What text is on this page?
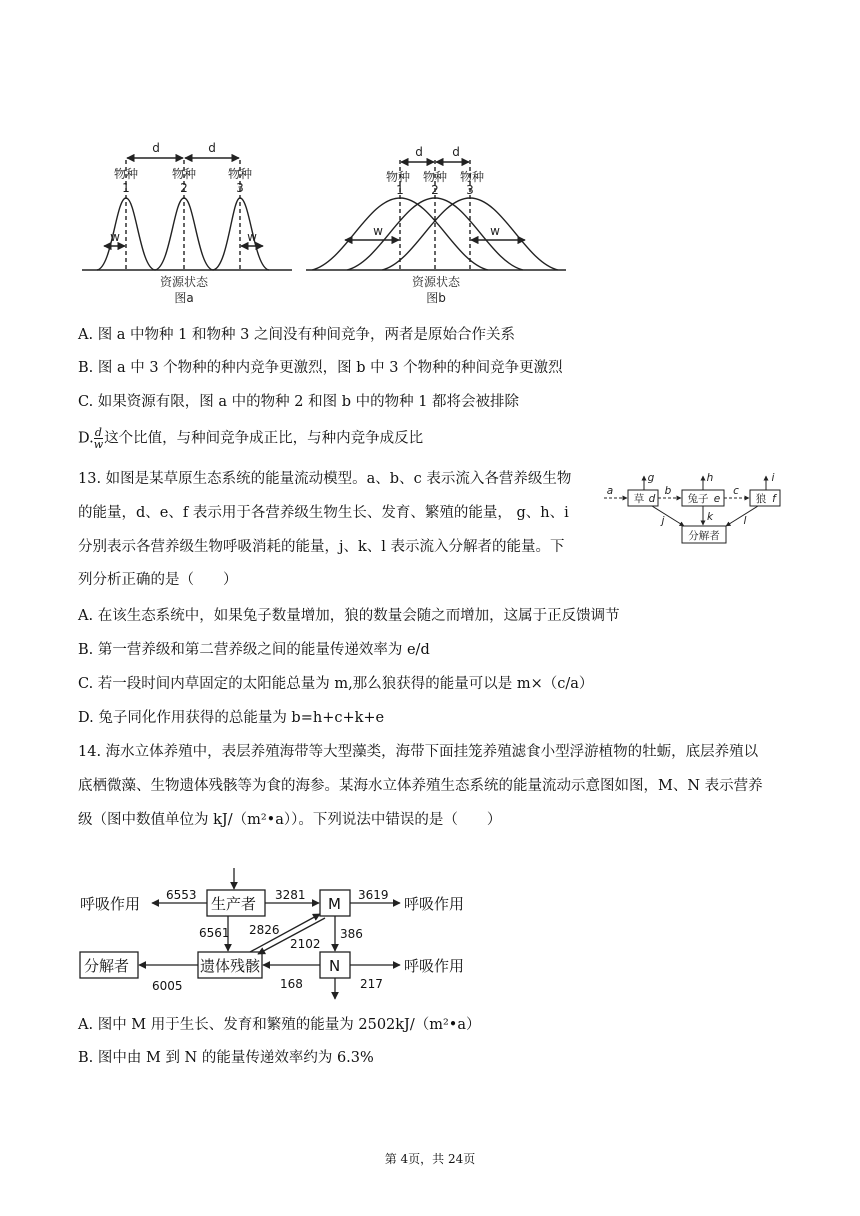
d	d
物种	物种	物种
1	2	3
w	w
资源状态
图a
d d
物种 物种 物种
1 2 3
w	w
资源状态
图b
A. 图 a 中物种 1 和物种 3 之间没有种间竞争，两者是原始合作关系
B. 图 a 中 3 个物种的种内竞争更激烈，图 b 中 3 个物种的种间竞争更激烈
C. 如果资源有限，图 a 中的物种 2 和图 b 中的物种 1 都将会被排除
D. $\frac{d}{w}$ 这个比值，与种间竞争成正比，与种内竞争成反比
13. 如图是某草原生态系统的能量流动模型。a、b、c 表示流入各营养级生物
的能量，d、e、f 表示用于各营养级生物生长、发育、繁殖的能量， g、h、i
分别表示各营养级生物呼吸消耗的能量，j、k、l 表示流入分解者的能量。下
列分析正确的是（　　）
草 d	兔子 e	狼 f
分解者
a	b	c
g	h	i
j	k	l
A. 在该生态系统中，如果兔子数量增加，狼的数量会随之而增加，这属于正反馈调节
B. 第一营养级和第二营养级之间的能量传递效率为 e/d
C. 若一段时间内草固定的太阳能总量为 m,那么狼获得的能量可以是 m×（c/a）
D. 兔子同化作用获得的总能量为 b=h+c+k+e
14. 海水立体养殖中，表层养殖海带等大型藻类，海带下面挂笼养殖滤食小型浮游植物的牡蛎，底层养殖以
底栖微藻、生物遗体残骸等为食的海参。某海水立体养殖生态系统的能量流动示意图如图，M、N 表示营养
级（图中数值单位为 kJ/（m²•a））。下列说法中错误的是（　　）
呼吸作用	生产者	M	呼吸作用
遗体残骸	N	呼吸作用
分解者
6553	3281	3619
6561 2826
2102
386
6005	168	217
A. 图中 M 用于生长、发育和繁殖的能量为 2502kJ/（m²•a）
B. 图中由 M 到 N 的能量传递效率约为 6.3%
第 4页，共 24页
